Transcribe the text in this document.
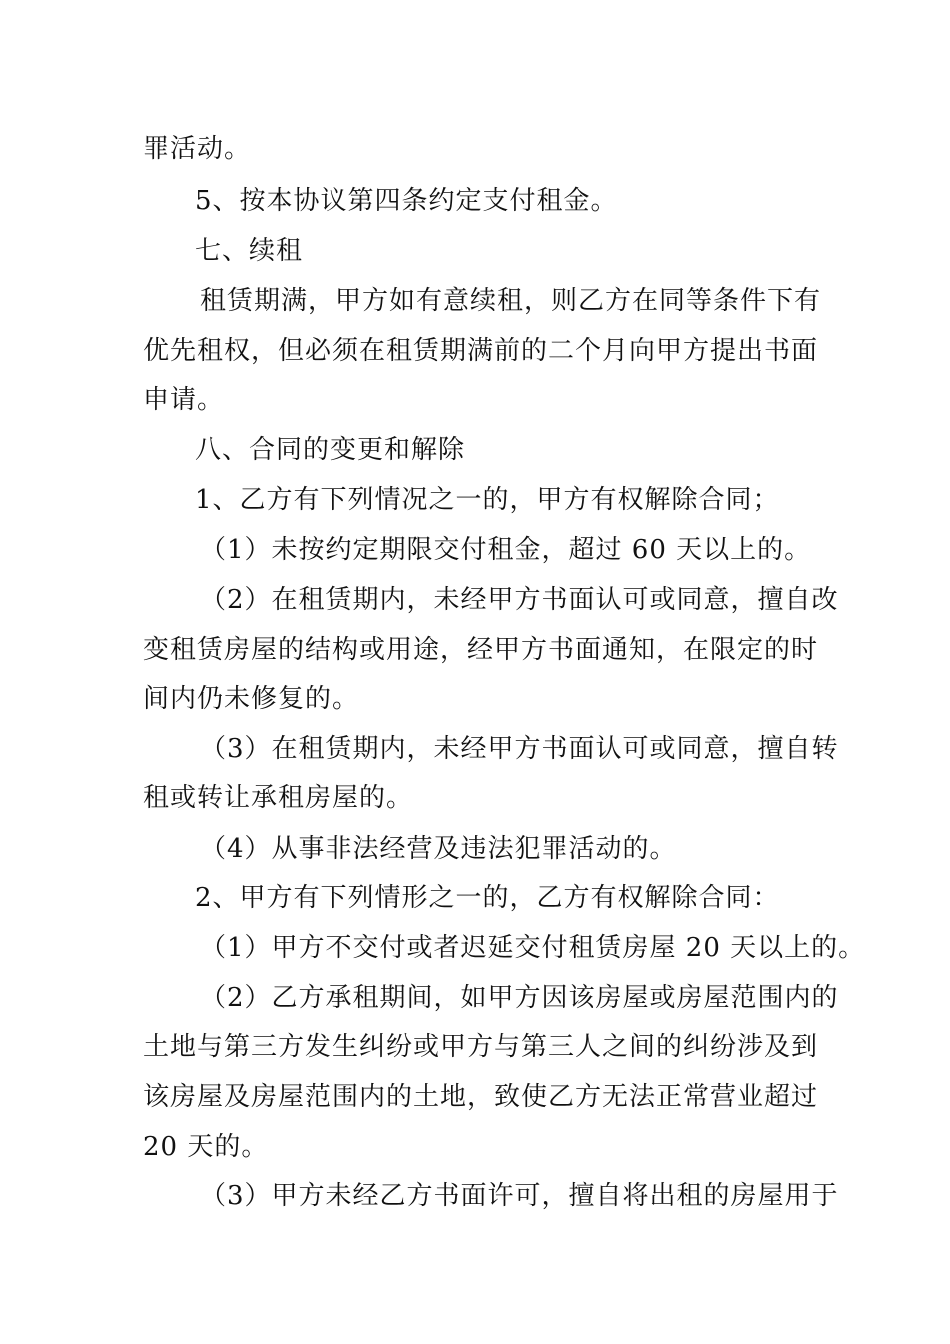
罪活动。
5、按本协议第四条约定支付租金。
七、续租
租赁期满，甲方如有意续租，则乙方在同等条件下有
优先租权，但必须在租赁期满前的二个月向甲方提出书面
申请。
八、合同的变更和解除
1、乙方有下列情况之一的，甲方有权解除合同；
（1）未按约定期限交付租金，超过 60 天以上的。
（2）在租赁期内，未经甲方书面认可或同意，擅自改
变租赁房屋的结构或用途，经甲方书面通知，在限定的时
间内仍未修复的。
（3）在租赁期内，未经甲方书面认可或同意，擅自转
租或转让承租房屋的。
（4）从事非法经营及违法犯罪活动的。
2、甲方有下列情形之一的，乙方有权解除合同：
（1）甲方不交付或者迟延交付租赁房屋 20 天以上的。
（2）乙方承租期间，如甲方因该房屋或房屋范围内的
土地与第三方发生纠纷或甲方与第三人之间的纠纷涉及到
该房屋及房屋范围内的土地，致使乙方无法正常营业超过
20 天的。
（3）甲方未经乙方书面许可，擅自将出租的房屋用于
